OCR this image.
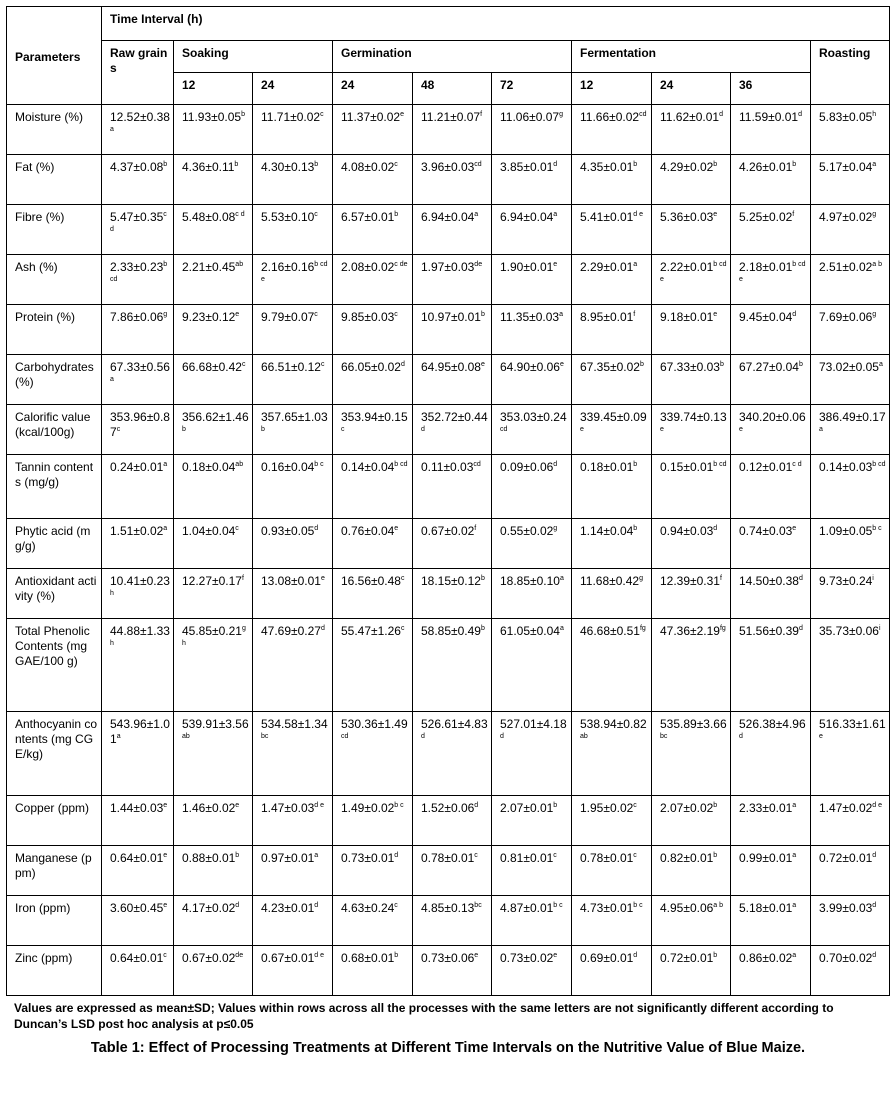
Parameters	Time Interval (h)									
	Raw grains	Soaking		Germination			Fermentation			Roasting
		12	24	24	48	72	12	24	36	
Moisture (%)	12.52±0.38$^a$	11.93±0.05$^b$	11.71±0.02$^c$	11.37±0.02$^e$	11.21±0.07$^f$	11.06±0.07$^g$	11.66±0.02$^{cd}$	11.62±0.01$^d$	11.59±0.01$^d$	5.83±0.05$^h$
Fat (%)	4.37±0.08$^b$	4.36±0.11$^b$	4.30±0.13$^b$	4.08±0.02$^c$	3.96±0.03$^{cd}$	3.85±0.01$^d$	4.35±0.01$^b$	4.29±0.02$^b$	4.26±0.01$^b$	5.17±0.04$^a$
Fibre (%)	5.47±0.35$^{cd}$	$5.48\pm 0.08^{c d}$	5.53±0.10$^c$	6.57±0.01$^b$	6.94±0.04$^a$	6.94±0.04$^a$	$5.41\pm 0.01^{d e}$	5.36±0.03$^e$	5.25±0.02$^f$	4.97±0.02$^g$
Ash (%)	2.33±0.23$^{bcd}$	2.21±0.45$^{ab}$	$2.16\pm 0.16^{b cde}$	$2.08\pm 0.02^{c de}$	1.97±0.03de	1.90±0.01$^e$	2.29±0.01$^a$	$2.22\pm 0.01^{b cde}$	$2.18\pm 0.01^{b cde}$	$2.51\pm 0.02^{a b}$
Protein (%)	7.86±0.06$^g$	9.23±0.12$^e$	9.79±0.07$^c$	9.85±0.03$^c$	10.97±0.01$^b$	11.35±0.03$^a$	8.95±0.01$^f$	9.18±0.01$^e$	9.45±0.04$^d$	7.69±0.06$^g$
Carbohydrates (%)	67.33±0.56$^a$	66.68±0.42$^c$	66.51±0.12$^c$	66.05±0.02$^d$	64.95±0.08$^e$	64.90±0.06$^e$	67.35±0.02$^b$	67.33±0.03$^b$	67.27±0.04$^b$	73.02±0.05$^a$
Calorific value (kcal/100g)	353.96±0.87$^c$	356.62±1.46$^b$	357.65±1.03$^b$	353.94±0.15$^c$	352.72±0.44$^d$	353.03±0.24$^{cd}$	339.45±0.09$^e$	339.74±0.13$^e$	340.20±0.06$^e$	386.49±0.17$^a$
Tannin contents (mg/g)	0.24±0.01$^a$	0.18±0.04$^{ab}$	$0.16\pm 0.04^{b c}$	$0.14\pm 0.04^{b cd}$	0.11±0.03$^{cd}$	0.09±0.06$^d$	0.18±0.01$^b$	$0.15\pm 0.01^{b cd}$	$0.12\pm 0.01^{c d}$	$0.14\pm 0.03^{b cd}$
Phytic acid (mg/g)	1.51±0.02$^a$	1.04±0.04$^c$	0.93±0.05$^d$	0.76±0.04$^e$	0.67±0.02$^f$	0.55±0.02$^g$	1.14±0.04$^b$	0.94±0.03$^d$	0.74±0.03$^e$	$1.09\pm 0.05^{b c}$
Antioxidant activity (%)	10.41±0.23$^h$	12.27±0.17$^f$	13.08±0.01$^e$	16.56±0.48$^c$	18.15±0.12$^b$	18.85±0.10$^a$	11.68±0.42$^g$	12.39±0.31$^f$	14.50±0.38$^d$	$9.73\pm 0.24^i$
Total Phenolic Contents (mg GAE/100 g)	44.88±1.33$^h$	45.85±0.21$^{gh}$	47.69±0.27$^d$	55.47±1.26$^c$	58.85±0.49$^b$	61.05±0.04$^a$	46.68±0.51$^{fg}$	47.36±2.19$^{fg}$	51.56±0.39$^d$	$35.73\pm 0.06^i$
Anthocyanin contents (mg CGE/kg)	543.96±1.01$^a$	539.91±3.56$^{ab}$	534.58±1.34$^{bc}$	530.36±1.49$^{cd}$	526.61±4.83$^d$	527.01±4.18$^d$	538.94±0.82$^{ab}$	535.89±3.66$^{bc}$	526.38±4.96$^d$	516.33±1.61$^e$
Copper (ppm)	1.44±0.03$^e$	1.46±0.02$^e$	$1.47\pm 0.03^{d e}$	$1.49\pm 0.02^{b c}$	1.52±0.06$^d$	2.07±0.01$^b$	1.95±0.02$^c$	2.07±0.02$^b$	2.33±0.01$^a$	$1.47\pm 0.02^{d e}$
Manganese (ppm)	0.64±0.01$^e$	0.88±0.01$^b$	0.97±0.01$^a$	0.73±0.01$^d$	0.78±0.01$^c$	0.81±0.01$^c$	0.78±0.01$^c$	0.82±0.01$^b$	0.99±0.01$^a$	0.72±0.01$^d$
Iron (ppm)	3.60±0.45$^e$	4.17±0.02$^d$	4.23±0.01$^d$	4.63±0.24$^c$	4.85±0.13$^{bc}$	$4.87\pm 0.01^{b c}$	$4.73\pm 0.01^{b c}$	$4.95\pm 0.06^{a b}$	5.18±0.01$^a$	3.99±0.03$^d$
Zinc (ppm)	0.64±0.01$^c$	0.67±0.02de	$0.67\pm 0.01^{d e}$	0.68±0.01$^b$	0.73±0.06$^e$	0.73±0.02$^e$	0.69±0.01$^d$	0.72±0.01$^b$	0.86±0.02$^a$	0.70±0.02$^d$
Values are expressed as mean±SD; Values within rows across all the processes with the same letters are not significantly different according to Duncan’s LSD post hoc analysis at p≤0.05
Table 1: Effect of Processing Treatments at Different Time Intervals on the Nutritive Value of Blue Maize.
